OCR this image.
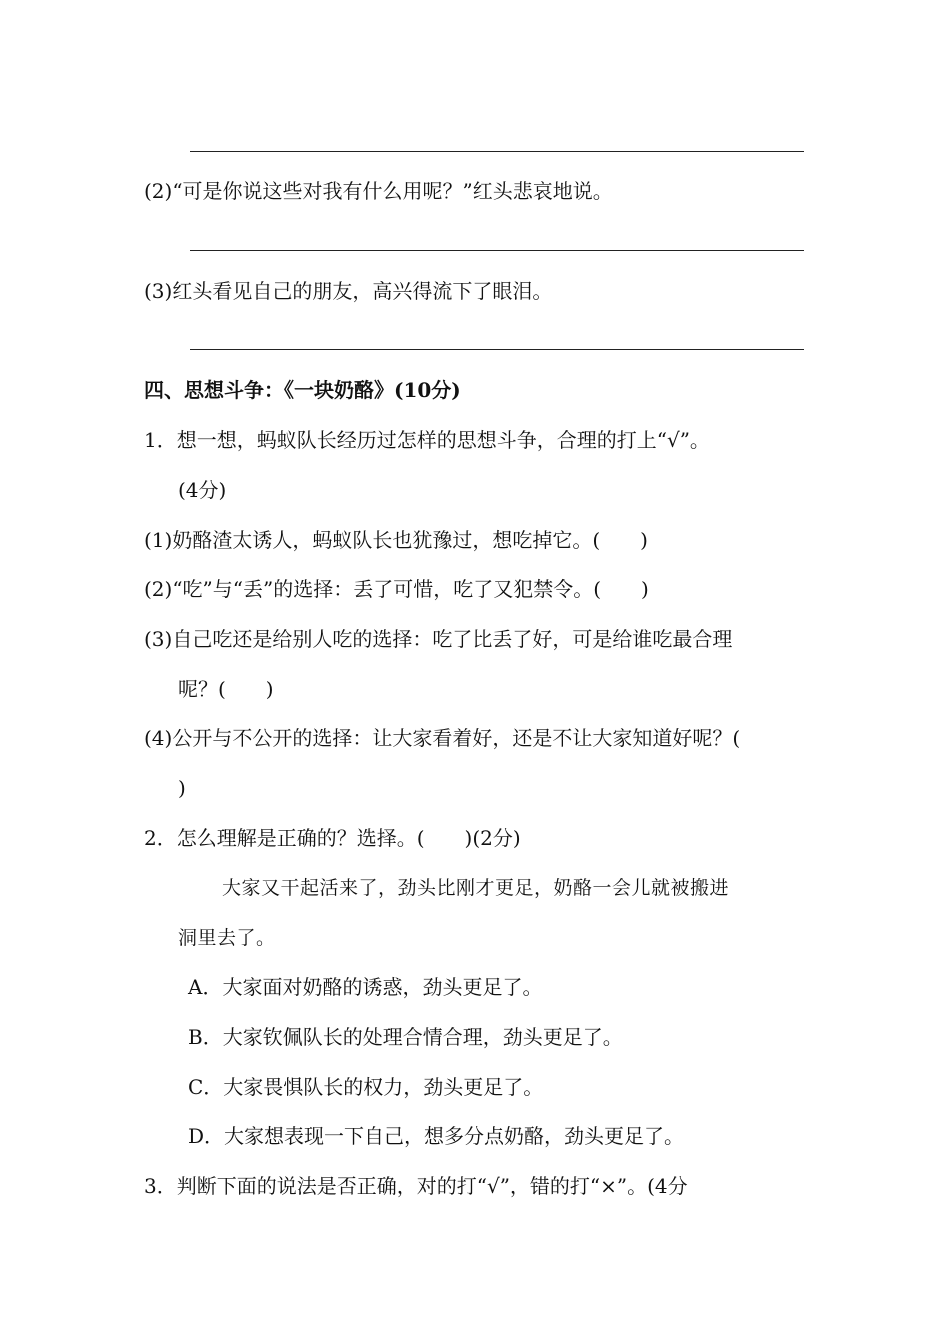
(2)“可是你说这些对我有什么用呢？”红头悲哀地说。
(3)红头看见自己的朋友，高兴得流下了眼泪。
四、思想斗争：《一块奶酪》(10分)
1．想一想，蚂蚁队长经历过怎样的思想斗争，合理的打上“√”。
(4分)
(1)奶酪渣太诱人，蚂蚁队长也犹豫过，想吃掉它。(　　)
(2)“吃”与“丢”的选择：丢了可惜，吃了又犯禁令。(　　)
(3)自己吃还是给别人吃的选择：吃了比丢了好，可是给谁吃最合理
呢？(　　)
(4)公开与不公开的选择：让大家看着好，还是不让大家知道好呢？(
)
2．怎么理解是正确的？选择。(　　)(2分)
大家又干起活来了，劲头比刚才更足，奶酪一会儿就被搬进
洞里去了。
A．大家面对奶酪的诱惑，劲头更足了。
B．大家钦佩队长的处理合情合理，劲头更足了。
C．大家畏惧队长的权力，劲头更足了。
D．大家想表现一下自己，想多分点奶酪，劲头更足了。
3．判断下面的说法是否正确，对的打“√”，错的打“×”。(4分
